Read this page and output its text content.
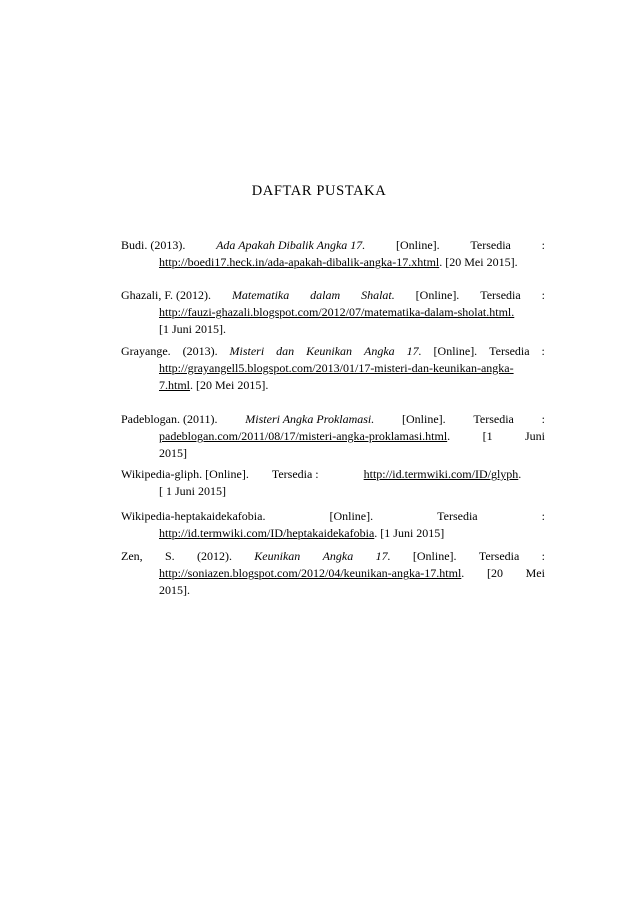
DAFTAR PUSTAKA
Budi. (2013).	Ada Apakah Dibalik Angka 17.	[Online].	Tersedia	:
http://boedi17.heck.in/ada-apakah-dibalik-angka-17.xhtml. [20 Mei 2015].
Ghazali, F. (2012). Matematika dalam Shalat. [Online]. Tersedia :
http://fauzi-ghazali.blogspot.com/2012/07/matematika-dalam-sholat.html.
[1 Juni 2015].
Grayange. (2013). Misteri dan Keunikan Angka 17. [Online]. Tersedia :
http://grayangell5.blogspot.com/2013/01/17-misteri-dan-keunikan-angka-
7.html. [20 Mei 2015].
Padeblogan. (2011). Misteri Angka Proklamasi. [Online]. Tersedia :
padeblogan.com/2011/08/17/misteri-angka-proklamasi.html.	[1	Juni
2015]
Wikipedia-gliph. [Online]. Tersedia :	http://id.termwiki.com/ID/glyph.
[ 1 Juni 2015]
Wikipedia-heptakaidekafobia.	[Online].	Tersedia	:
http://id.termwiki.com/ID/heptakaidekafobia. [1 Juni 2015]
Zen, S. (2012). Keunikan Angka 17. [Online]. Tersedia :
http://soniazen.blogspot.com/2012/04/keunikan-angka-17.html. [20 Mei
2015].
